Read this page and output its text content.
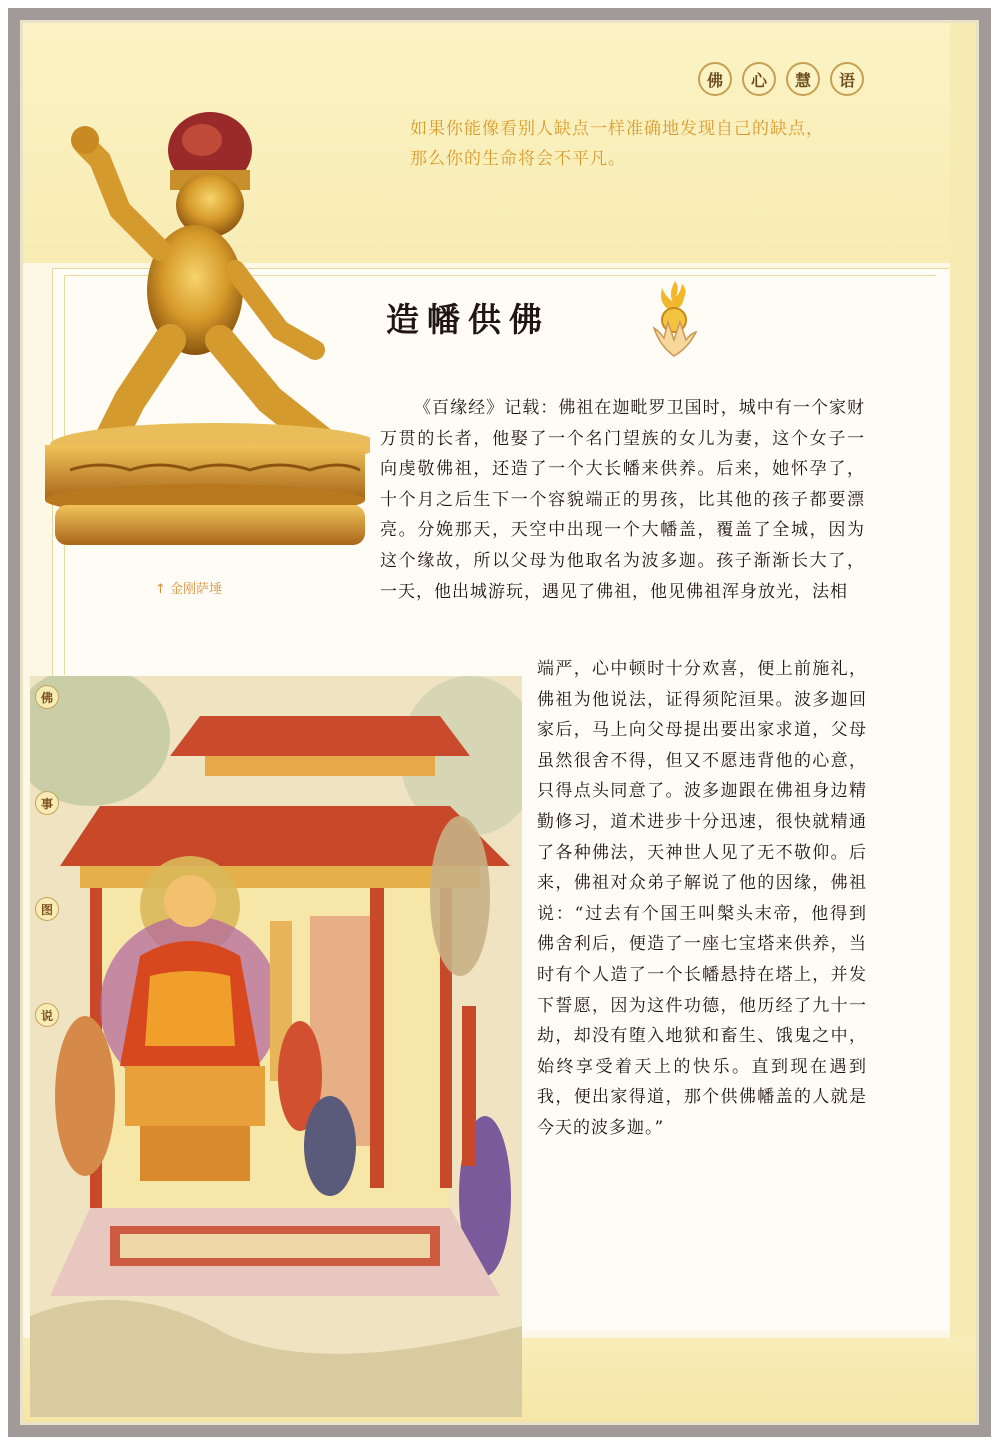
佛	心	慧	语

如果你能像看别人缺点一样准确地发现自己的缺点，

那么你的生命将会不平凡。

↑ 金刚萨埵
造幡供佛

《百缘经》记载：佛祖在迦毗罗卫国时，城中有一个家财万贯的长者，他娶了一个名门望族的女儿为妻，这个女子一向虔敬佛祖，还造了一个大长幡来供养。后来，她怀孕了，十个月之后生下一个容貌端正的男孩，比其他的孩子都要漂亮。分娩那天，天空中出现一个大幡盖，覆盖了全城，因为这个缘故，所以父母为他取名为波多迦。孩子渐渐长大了，一天，他出城游玩，遇见了佛祖，他见佛祖浑身放光，法相

端严，心中顿时十分欢喜，便上前施礼，佛祖为他说法，证得须陀洹果。波多迦回家后，马上向父母提出要出家求道，父母虽然很舍不得，但又不愿违背他的心意，只得点头同意了。波多迦跟在佛祖身边精勤修习，道术进步十分迅速，很快就精通了各种佛法，天神世人见了无不敬仰。后来，佛祖对众弟子解说了他的因缘，佛祖说：“过去有个国王叫槃头末帝，他得到佛舍利后，便造了一座七宝塔来供养，当时有个人造了一个长幡悬持在塔上，并发下誓愿，因为这件功德，他历经了九十一劫，却没有堕入地狱和畜生、饿鬼之中，始终享受着天上的快乐。直到现在遇到我，便出家得道，那个供佛幡盖的人就是今天的波多迦。”

佛
事
图
说
